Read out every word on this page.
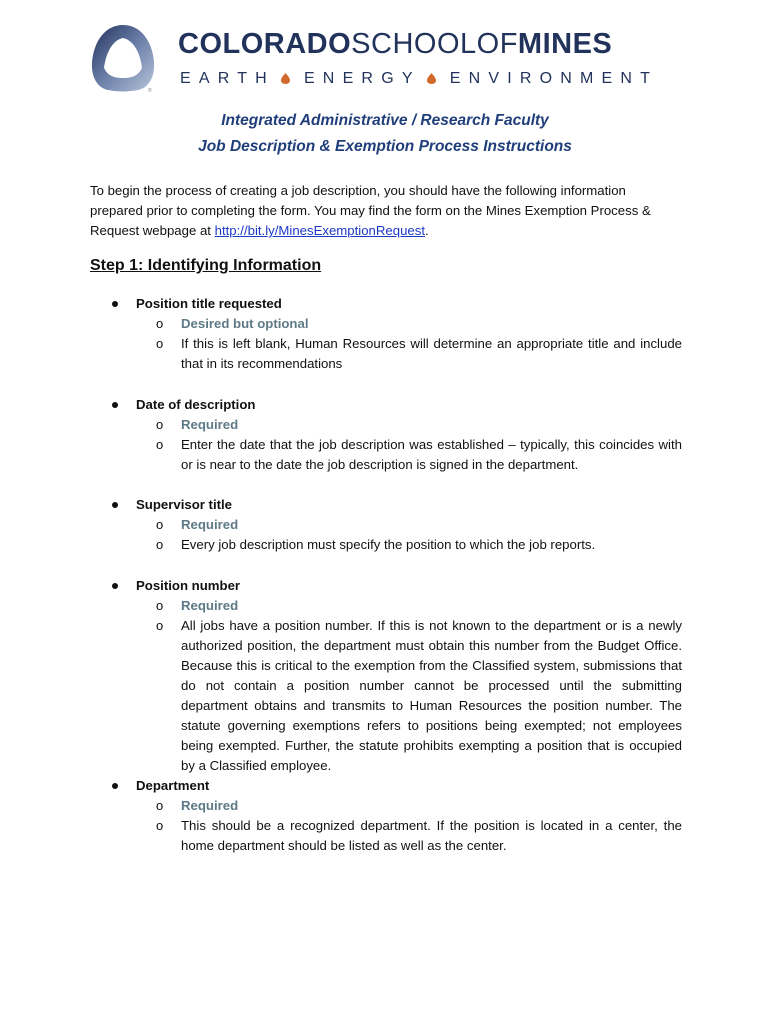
®
COLORADOSCHOOLOFMINES
EARTH ENERGY ENVIRONMENT
Integrated Administrative / Research Faculty
Job Description & Exemption Process Instructions

To begin the process of creating a job description, you should have the following information prepared prior to completing the form. You may find the form on the Mines Exemption Process & Request webpage at http://bit.ly/MinesExemptionRequest.

Step 1: Identifying Information
Position title requested
o Desired but optional
o If this is left blank, Human Resources will determine an appropriate title and include that in its recommendations
Date of description
o Required
o Enter the date that the job description was established – typically, this coincides with or is near to the date the job description is signed in the department.
Supervisor title
o Required
o Every job description must specify the position to which the job reports.
Position number
o Required
o All jobs have a position number. If this is not known to the department or is a newly authorized position, the department must obtain this number from the Budget Office. Because this is critical to the exemption from the Classified system, submissions that do not contain a position number cannot be processed until the submitting department obtains and transmits to Human Resources the position number. The statute governing exemptions refers to positions being exempted; not employees being exempted. Further, the statute prohibits exempting a position that is occupied by a Classified employee.
Department
o Required
o This should be a recognized department. If the position is located in a center, the home department should be listed as well as the center.
